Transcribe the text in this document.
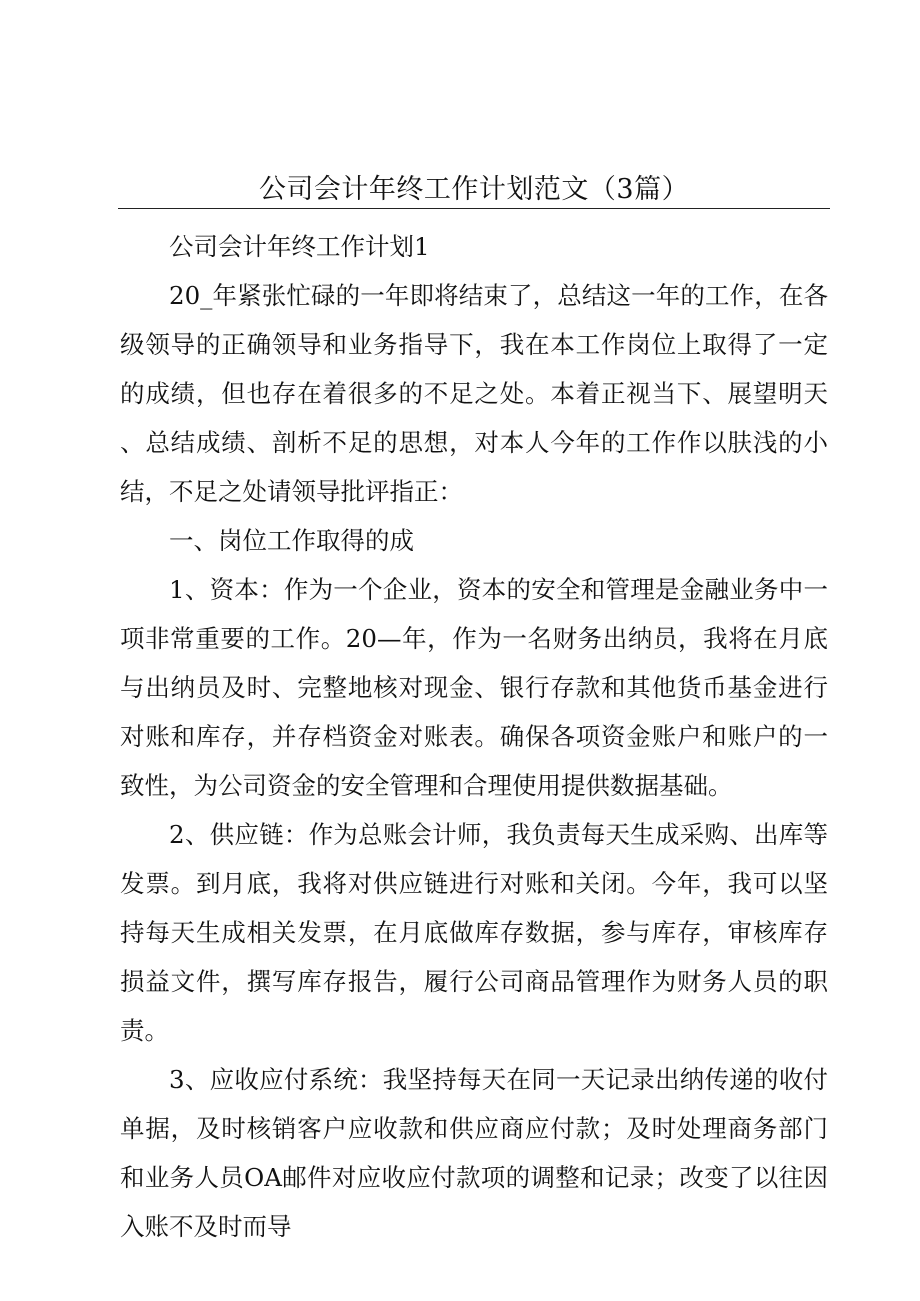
公司会计年终工作计划范文（3篇）

公司会计年终工作计划1

20_年紧张忙碌的一年即将结束了，总结这一年的工作，在各级领导的正确领导和业务指导下，我在本工作岗位上取得了一定的成绩，但也存在着很多的不足之处。本着正视当下、展望明天、总结成绩、剖析不足的思想，对本人今年的工作作以肤浅的小结，不足之处请领导批评指正：

一、岗位工作取得的成

1、资本：作为一个企业，资本的安全和管理是金融业务中一项非常重要的工作。20—年，作为一名财务出纳员，我将在月底与出纳员及时、完整地核对现金、银行存款和其他货币基金进行对账和库存，并存档资金对账表。确保各项资金账户和账户的一致性，为公司资金的安全管理和合理使用提供数据基础。

2、供应链：作为总账会计师，我负责每天生成采购、出库等发票。到月底，我将对供应链进行对账和关闭。今年，我可以坚持每天生成相关发票，在月底做库存数据，参与库存，审核库存损益文件，撰写库存报告，履行公司商品管理作为财务人员的职责。

3、应收应付系统：我坚持每天在同一天记录出纳传递的收付单据，及时核销客户应收款和供应商应付款；及时处理商务部门和业务人员OA邮件对应收应付款项的调整和记录；改变了以往因入账不及时而导
